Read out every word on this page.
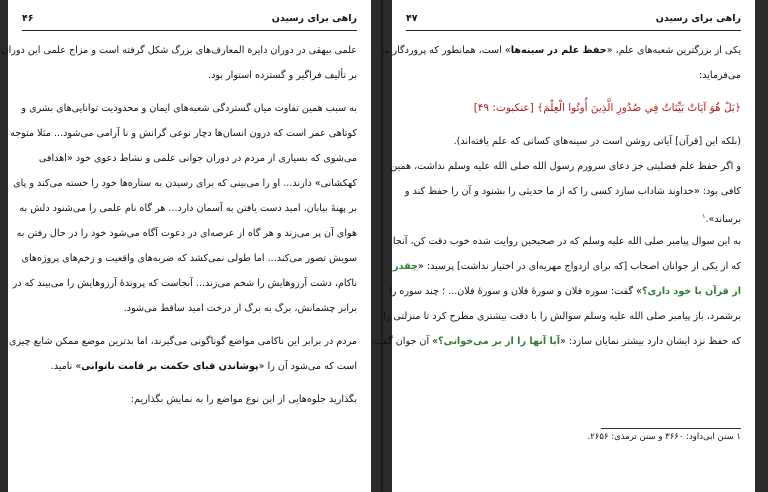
راهی برای رسیدن
۴۶
علمی بیهقی در دوران دایرة المعارف‌های بزرگ شکل گرفته است و مزاج علمی این دوران
بر تألیف فراگیر و گسترده استوار بود.
به سبب همین تفاوت میان گستردگی شعبه‌های ایمان و محدودیت توانایی‌های بشری و
کوتاهی عمر است که درون انسان‌ها دچار نوعی گرانش و نا آرامی می‌شود... مثلا متوجه
می‌شوی که بسیاری از مردم در دوران جوانی علمی و نشاط دعوی خود «اهدافی
کهکشانی» دارند... او را می‌بینی که برای رسیدن به ستاره‌ها خود را خسته می‌کند و پای
بر پهنهٔ بیابان، امید دست یافتن به آسمان دارد... هر گاه نام علمی را می‌شنود دلش به
هوای آن پر می‌زند و هر گاه از عرصه‌ای در دعوت آگاه می‌شود خود را در حال رفتن به
سویش تصور می‌کند... اما طولی نمی‌کشد که ضربه‌های واقعیت و زخم‌های پروژه‌های
ناکام، دشت آرزوهایش را شخم می‌زند... آنجاست که پروندهٔ آرزوهایش را می‌بیند که در
برابر چشمانش، برگ به برگ از درخت امید ساقط می‌شود.
مردم در برابر این ناکامی مواضع گوناگونی می‌گیرند، اما بدترین موضع ممکن شایع چیزی
است که می‌شود آن را «پوشاندن قبای حکمت بر قامت ناتوانی» نامید.
بگذارید جلوه‌هایی از این نوع مواضع را به نمایش بگذاریم:
راهی برای رسیدن
۴۷
یکی از بزرگترین شعبه‌های علم، «حفظ علم در سینه‌ها» است، همانطور که پروردگار ما
می‌فرماید:
﴿بَلْ هُوَ آيَاتٌ بَيِّنَاتٌ فِي صُدُورِ الَّذِينَ أُوتُوا الْعِلْمَ﴾ [عنکبوت: ۴۹]
(بلکه این [قرآن] آیاتی روشن است در سینه‌های کسانی که علم یافته‌اند).
و اگر حفظ علم فضلیتی جز دعای سرورم رسول الله صلی الله علیه وسلم نداشت، همین
کافی بود: «خداوند شاداب سازد کسی را که از ما حدیثی را بشنود و آن را حفظ کند و
برساند».$^۱$
به این سوال پیامبر صلی الله علیه وسلم که در صحیحین روایت شده خوب دقت کن، آنجا
که از یکی از جوانان اصحاب [که برای ازدواج مهریه‌ای در اختیار نداشت] پرسید: «چقدر
از قرآن با خود داری؟» گفت: سوره فلان و سورهٔ فلان و سورهٔ فلان... ؛ چند سوره را
برشمرد، باز پیامبر صلی الله علیه وسلم سوالش را با دقت بیشتری مطرح کرد تا منزلتی را
که حفظ نزد ایشان دارد بیشتر نمایان سازد: «آیا آنها را از بر می‌خوانی؟» آن جوان گفت:
۱ سنن ابی‌داود: ۳۶۶۰ و سنن ترمذی: ۲۶۵۶.
